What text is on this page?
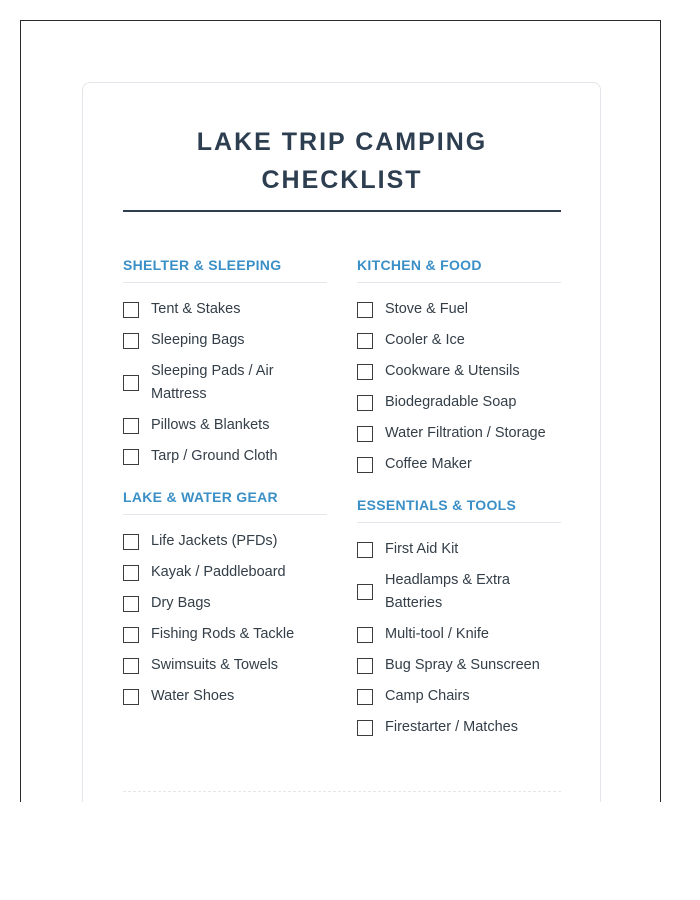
LAKE TRIP CAMPING CHECKLIST
SHELTER & SLEEPING
Tent & Stakes
Sleeping Bags
Sleeping Pads / Air Mattress
Pillows & Blankets
Tarp / Ground Cloth
LAKE & WATER GEAR
Life Jackets (PFDs)
Kayak / Paddleboard
Dry Bags
Fishing Rods & Tackle
Swimsuits & Towels
Water Shoes
KITCHEN & FOOD
Stove & Fuel
Cooler & Ice
Cookware & Utensils
Biodegradable Soap
Water Filtration / Storage
Coffee Maker
ESSENTIALS & TOOLS
First Aid Kit
Headlamps & Extra Batteries
Multi-tool / Knife
Bug Spray & Sunscreen
Camp Chairs
Firestarter / Matches
